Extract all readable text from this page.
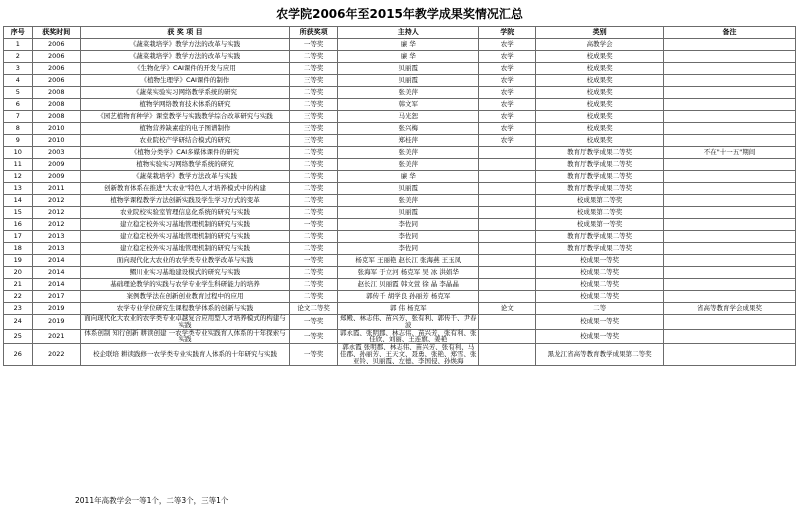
农学院2006年至2015年教学成果奖情况汇总
序号	获奖时间	获 奖 项 目	所获奖项	主持人	学院	类别	备注
1	2006	《蔬菜栽培学》教学方法的改革与实践	一等奖	廉 华	农学	高教学会	
2	2006	《蔬菜栽培学》教学方法的改革与实践	二等奖	廉 华	农学	校成果奖	
3	2006	《生物化学》CAI课件的开发与应用	二等奖	贝丽霞	农学	校成果奖	
4	2006	《植物生理学》CAI课件的制作	三等奖	贝丽霞	农学	校成果奖	
5	2008	《蔬菜实验实习网络教学系统的研究	二等奖	张美萍	农学	校成果奖	
6	2008	植物学网络教育技术体系的研究	二等奖	韩文军	农学	校成果奖	
7	2008	《园艺植物育种学》课堂教学与实践教学综合改革研究与实践	三等奖	马光恕	农学	校成果奖	
8	2010	植物营养缺素症的电子图谱制作	三等奖	张兴梅	农学	校成果奖	
9	2010	农业院校产学研结合模式的研究	三等奖	郑桂萍	农学	校成果奖	
10	2003	《植物分类学》CAI多媒体课件的研究	二等奖	张美萍		教育厅教学成果二等奖	不在"十一五"期间
11	2009	植物实验实习网络教学系统的研究	二等奖	张美萍		教育厅教学成果二等奖	
12	2009	《蔬菜栽培学》教学方法改革与实践	二等奖	廉 华		教育厅教学成果二等奖	
13	2011	创新教育体系在推进"大农业"特色人才培养模式中的构建	二等奖	贝丽霞		教育厅教学成果二等奖	
14	2012	植物学课程教学方法创新实践及学生学习方式的变革	二等奖	张美萍		校成果第二等奖	
15	2012	农业院校实验室管理信息化系统的研究与实践	二等奖	贝丽霞		校成果第二等奖	
16	2012	建立稳定校外实习基地管理机制的研究与实践	一等奖	李佐同		校成果第一等奖	
17	2013	建立稳定校外实习基地管理机制的研究与实践	二等奖	李佐同		教育厅教学成果二等奖	
18	2013	建立稳定校外实习基地管理机制的研究与实践	二等奖	李佐同		教育厅教学成果二等奖	
19	2014	面向现代化大农业的农学类专业教学改革与实践	一等奖	杨克军 王丽艳 赵长江 张海燕 王玉凤		校成果一等奖	
20	2014	鳛川业实习基地建设模式的研究与实践	二等奖	张海军 于立河 杨克军 吴 冰 洪娟华		校成果二等奖	
21	2014	基础理论教学的实践与农学专业学生科研能力的培养	二等奖	赵长江 贝丽霞 韩文萱 徐 晶 李晶晶		校成果二等奖	
22	2017	案例教学法在创新创业教育过程中的应用	二等奖	郭传千 胡学良 孙丽芳 杨克军		校成果二等奖	
23	2019	农学专业学位研究生课程教学体系的创新与实践	论文二等奖	郭 伟 杨克军	论文	二等	省高等教育学会成果奖
24	2019	面向现代化大农业的农学类专业卓越复合应用型人才培养模式的构建与实践	一等奖	郑殿、林志伟、苗兴芳、张有利、郭传千、尹春波		校成果一等奖	
25	2021	体系创制 知行创新 耕读创建 一农学类专业实践育人体系的十年探索与实践	一等奖	郭永霞、张明郡、林志伟、苗兴芳、张有利、张佳欣、刘丽、王连旗、姜艳		校成果一等奖	
26	2022	校企联培 耕读践修一农学类专业实践育人体系的十年研究与实践	一等奖	郭永霞 张明郡、林志伟、苗兴芳、张有利、马佳郡、孙丽芳、王天文、聂勇、张艳、郑雪、张亚铃、贝丽霞、左德、李国侵、孙焕海		黑龙江省高等教育教学成果第二等奖	
2011年高教学会一等1个，二等3个，三等1个
